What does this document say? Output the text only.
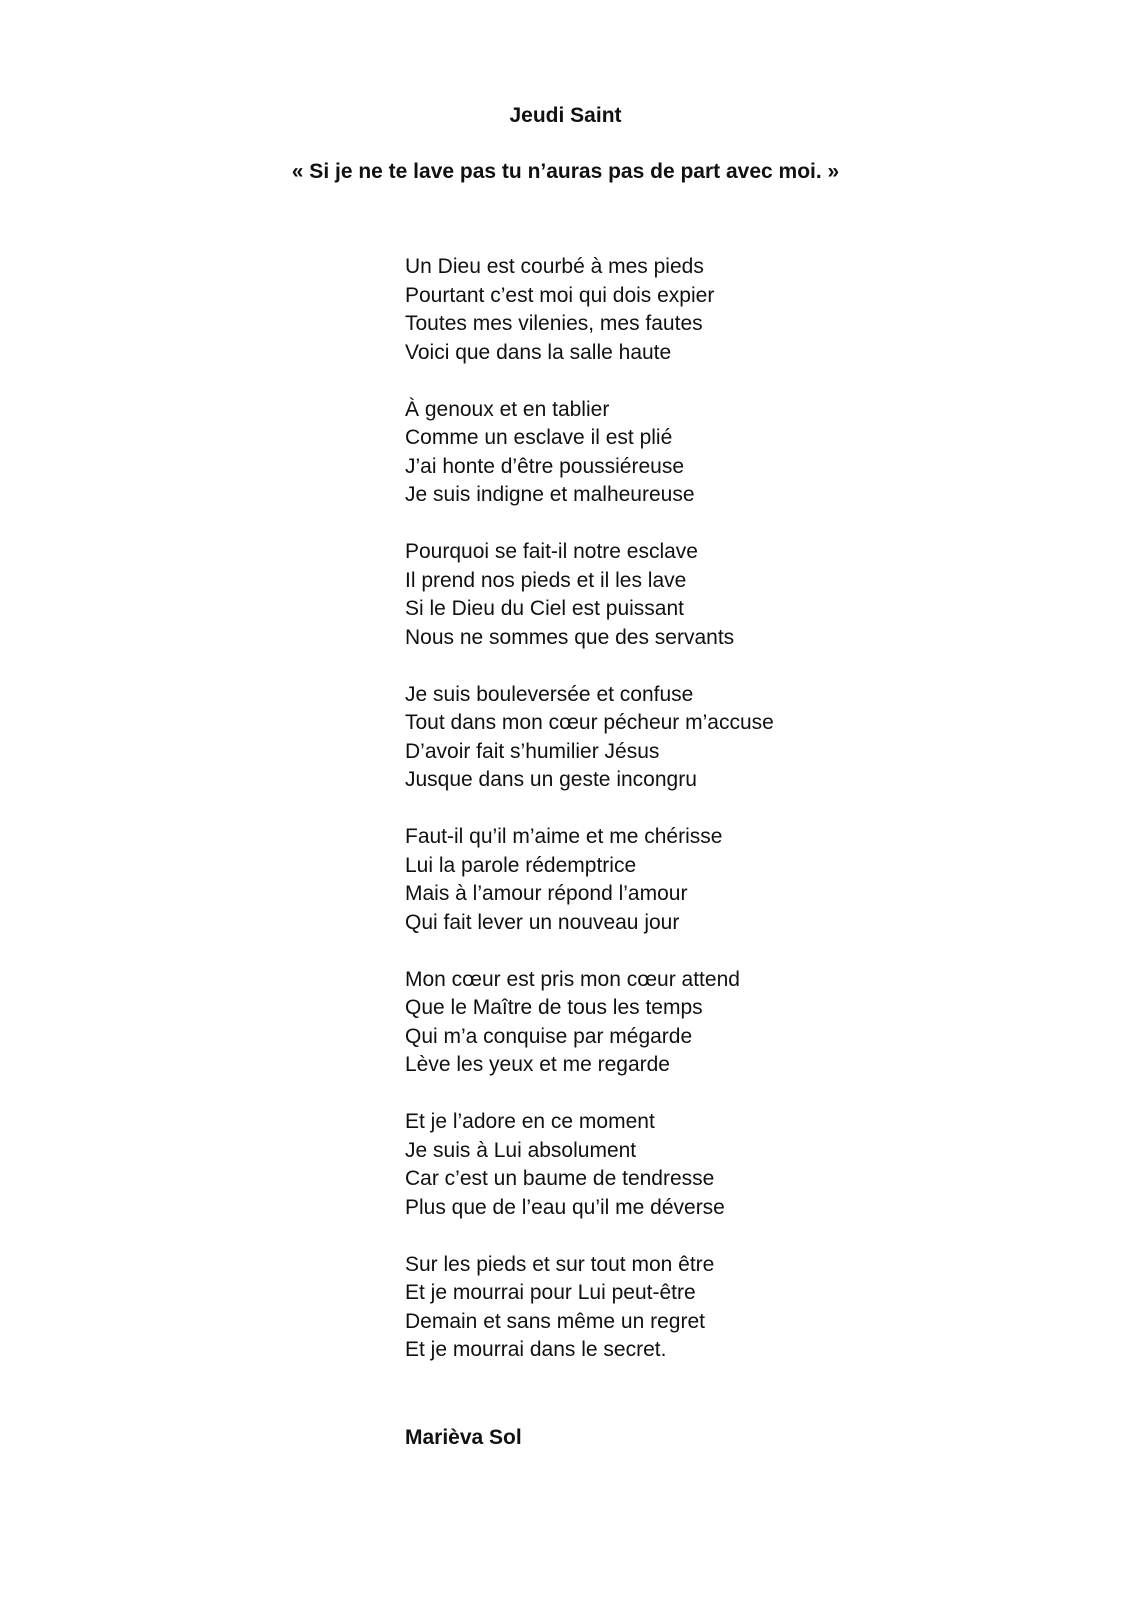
Jeudi Saint

« Si je ne te lave pas tu n’auras pas de part avec moi. »

Un Dieu est courbé à mes pieds
Pourtant c’est moi qui dois expier
Toutes mes vilenies, mes fautes
Voici que dans la salle haute
À genoux et en tablier
Comme un esclave il est plié
J’ai honte d’être poussiéreuse
Je suis indigne et malheureuse
Pourquoi se fait-il notre esclave
Il prend nos pieds et il les lave
Si le Dieu du Ciel est puissant
Nous ne sommes que des servants
Je suis bouleversée et confuse
Tout dans mon cœur pécheur m’accuse
D’avoir fait s’humilier Jésus
Jusque dans un geste incongru
Faut-il qu’il m’aime et me chérisse
Lui la parole rédemptrice
Mais à l’amour répond l’amour
Qui fait lever un nouveau jour
Mon cœur est pris mon cœur attend
Que le Maître de tous les temps
Qui m’a conquise par mégarde
Lève les yeux et me regarde
Et je l’adore en ce moment
Je suis à Lui absolument
Car c’est un baume de tendresse
Plus que de l’eau qu’il me déverse
Sur les pieds et sur tout mon être
Et je mourrai pour Lui peut-être
Demain et sans même un regret
Et je mourrai dans le secret.

Marièva Sol
